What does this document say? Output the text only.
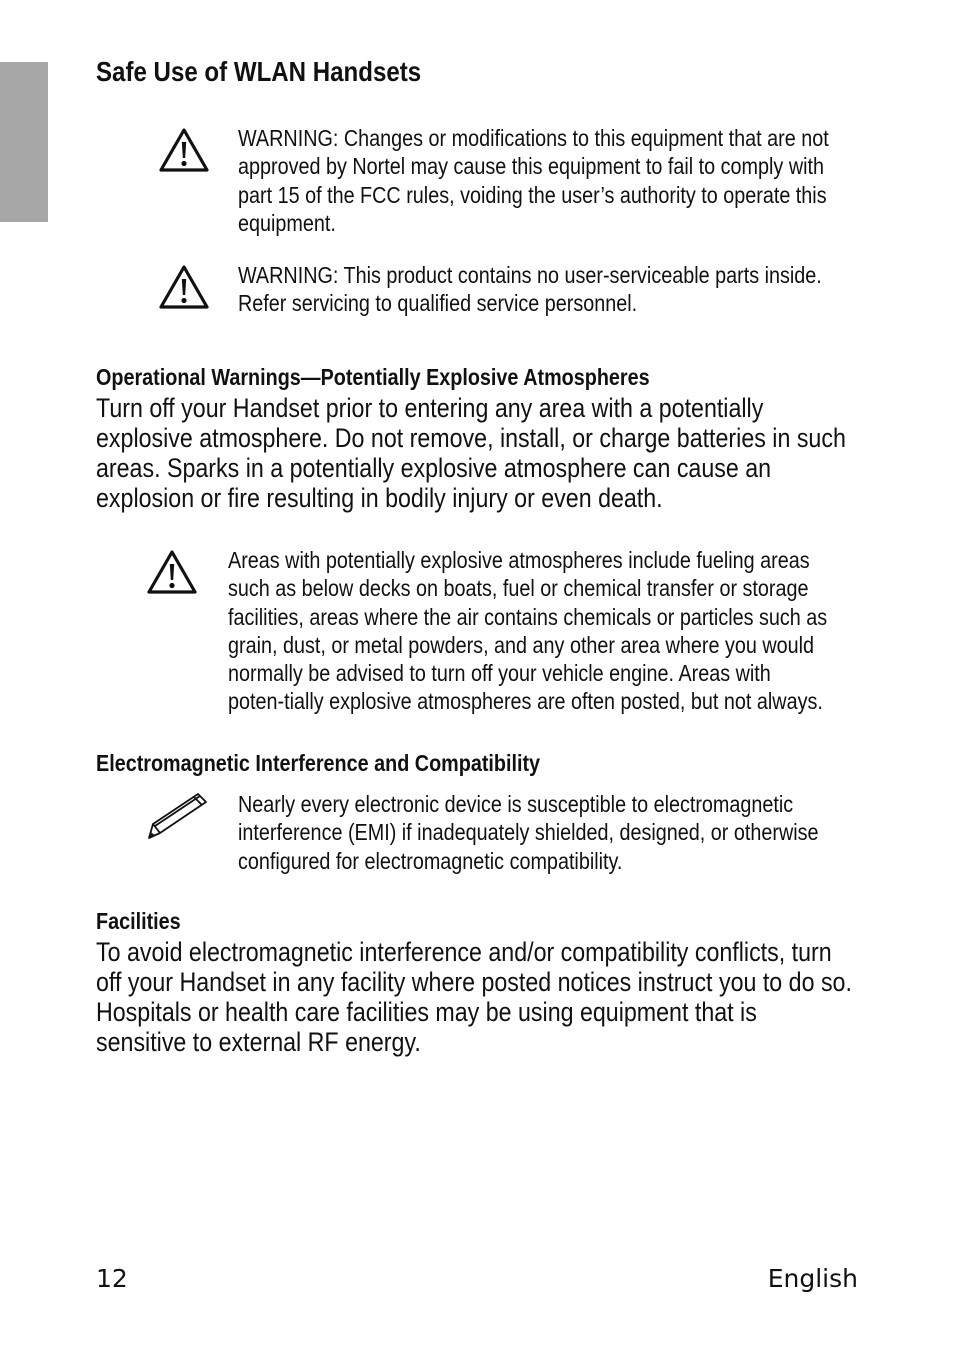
Safe Use of WLAN Handsets

WARNING: Changes or modifications to this equipment that are not approved by Nortel may cause this equipment to fail to comply with part 15 of the FCC rules, voiding the user’s authority to operate this equipment.

WARNING: This product contains no user-serviceable parts inside. Refer servicing to qualified service personnel.

Operational Warnings—Potentially Explosive Atmospheres

Turn off your Handset prior to entering any area with a potentially explosive atmosphere. Do not remove, install, or charge batteries in such areas. Sparks in a potentially explosive atmosphere can cause an explosion or fire resulting in bodily injury or even death.

Areas with potentially explosive atmospheres include fueling areas such as below decks on boats, fuel or chemical transfer or storage facilities, areas where the air contains chemicals or particles such as grain, dust, or metal powders, and any other area where you would normally be advised to turn off your vehicle engine. Areas with poten-tially explosive atmospheres are often posted, but not always.

Electromagnetic Interference and Compatibility

Nearly every electronic device is susceptible to electromagnetic interference (EMI) if inadequately shielded, designed, or otherwise configured for electromagnetic compatibility.

Facilities

To avoid electromagnetic interference and/or compatibility conflicts, turn off your Handset in any facility where posted notices instruct you to do so. Hospitals or health care facilities may be using equipment that is sensitive to external RF energy.

12	English
